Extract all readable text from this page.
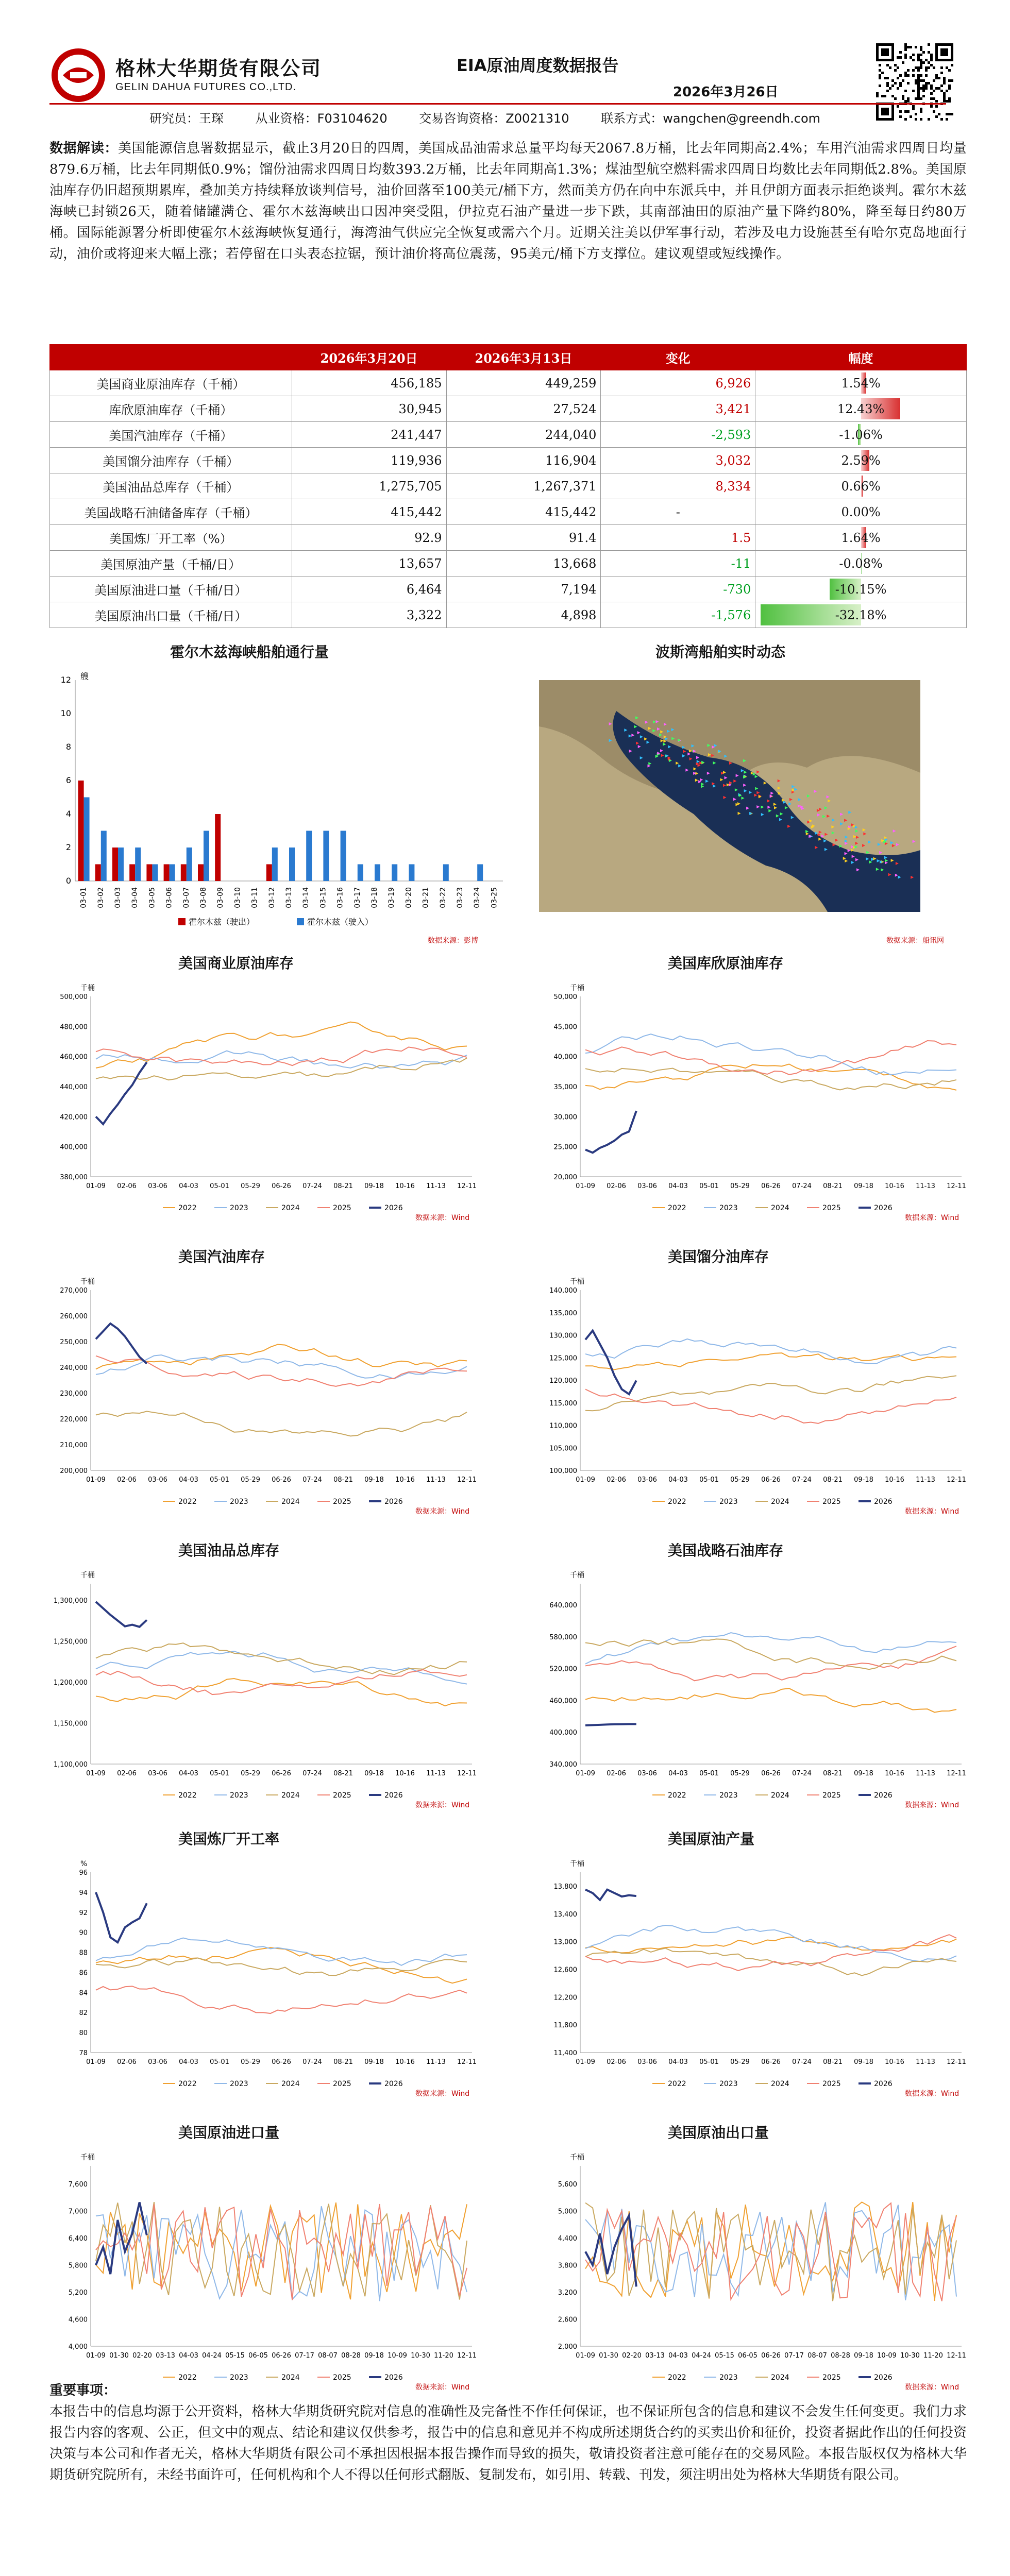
格林大华期货有限公司
GELIN DAHUA FUTURES CO.,LTD.
EIA原油周度数据报告
2026年3月26日
研究员：王琛	从业资格：F03104620	交易咨询资格：Z0021310	联系方式：wangchen@greendh.com
数据解读：美国能源信息署数据显示，截止3月20日的四周，美国成品油需求总量平均每天2067.8万桶，比去年同期高2.4%；车用汽油需求四周日均量879.6万桶，比去年同期低0.9%；馏份油需求四周日均数393.2万桶，比去年同期高1.3%；煤油型航空燃料需求四周日均数比去年同期低2.8%。美国原油库存仍旧超预期累库，叠加美方持续释放谈判信号，油价回落至100美元/桶下方，然而美方仍在向中东派兵中，并且伊朗方面表示拒绝谈判。霍尔木兹海峡已封锁26天，随着储罐满仓、霍尔木兹海峡出口因冲突受阻，伊拉克石油产量进一步下跌，其南部油田的原油产量下降约80%，降至每日约80万桶。国际能源署分析即使霍尔木兹海峡恢复通行，海湾油气供应完全恢复或需六个月。近期关注美以伊军事行动，若涉及电力设施甚至有哈尔克岛地面行动，油价或将迎来大幅上涨；若停留在口头表态拉锯，预计油价将高位震荡，95美元/桶下方支撑位。建议观望或短线操作。
	2026年3月20日	2026年3月13日	变化	幅度
美国商业原油库存（千桶）	456,185	449,259	6,926	1.54%
库欣原油库存（千桶）	30,945	27,524	3,421	12.43%
美国汽油库存（千桶）	241,447	244,040	-2,593	-1.06%
美国馏分油库存（千桶）	119,936	116,904	3,032	2.59%
美国油品总库存（千桶）	1,275,705	1,267,371	8,334	0.66%
美国战略石油储备库存（千桶）	415,442	415,442	-	0.00%
美国炼厂开工率（%）	92.9	91.4	1.5	1.64%
美国原油产量（千桶/日）	13,657	13,668	-11	-0.08%
美国原油进口量（千桶/日）	6,464	7,194	-730	-10.15%
美国原油出口量（千桶/日）	3,322	4,898	-1,576	-32.18%
霍尔木兹海峡船舶通行量
艘
0
2
4
6
8
10
12
03-01 03-02 03-03 03-04 03-05 03-06 03-07 03-08 03-09 03-10 03-11 03-12 03-13 03-14 03-15 03-16 03-17 03-18 03-19 03-20 03-21 03-22 03-23 03-24 03-25
霍尔木兹（驶出）	霍尔木兹（驶入）
数据来源：彭博
波斯湾船舶实时动态
数据来源：船讯网
美国商业原油库存
千桶
380,000
400,000
420,000
440,000
460,000
480,000
500,000
01-09 02-06 03-06 04-03 05-01 05-29 06-26 07-24 08-21 09-18 10-16 11-13 12-11
2022	2023	2024	2025	2026
数据来源：Wind
美国库欣原油库存
千桶
20,000
25,000
30,000
35,000
40,000
45,000
50,000
01-09 02-06 03-06 04-03 05-01 05-29 06-26 07-24 08-21 09-18 10-16 11-13 12-11
2022	2023	2024	2025	2026
数据来源：Wind
美国汽油库存
千桶
200,000
210,000
220,000
230,000
240,000
250,000
260,000
270,000
01-09 02-06 03-06 04-03 05-01 05-29 06-26 07-24 08-21 09-18 10-16 11-13 12-11
2022	2023	2024	2025	2026
数据来源：Wind
美国馏分油库存
千桶
100,000
105,000
110,000
115,000
120,000
125,000
130,000
135,000
140,000
01-09 02-06 03-06 04-03 05-01 05-29 06-26 07-24 08-21 09-18 10-16 11-13 12-11
2022	2023	2024	2025	2026
数据来源：Wind
美国油品总库存
千桶
1,100,000
1,150,000
1,200,000
1,250,000
1,300,000
01-09 02-06 03-06 04-03 05-01 05-29 06-26 07-24 08-21 09-18 10-16 11-13 12-11
2022	2023	2024	2025	2026
数据来源：Wind
美国战略石油库存
千桶
340,000
400,000
460,000
520,000
580,000
640,000
01-09 02-06 03-06 04-03 05-01 05-29 06-26 07-24 08-21 09-18 10-16 11-13 12-11
2022	2023	2024	2025	2026
数据来源：Wind
美国炼厂开工率
%
78
80
82
84
86
88
90
92
94
96
01-09 02-06 03-06 04-03 05-01 05-29 06-26 07-24 08-21 09-18 10-16 11-13 12-11
2022	2023	2024	2025	2026
数据来源：Wind
美国原油产量
千桶
11,400
11,800
12,200
12,600
13,000
13,400
13,800
01-09 02-06 03-06 04-03 05-01 05-29 06-26 07-24 08-21 09-18 10-16 11-13 12-11
2022	2023	2024	2025	2026
数据来源：Wind
美国原油进口量
千桶
4,000
4,600
5,200
5,800
6,400
7,000
7,600
01-09 01-30 02-20 03-13 04-03 04-24 05-15 06-05 06-26 07-17 08-07 08-28 09-18 10-09 10-30 11-20 12-11
2022	2023	2024	2025	2026
数据来源：Wind
美国原油出口量
千桶
2,000
2,600
3,200
3,800
4,400
5,000
5,600
01-09 01-30 02-20 03-13 04-03 04-24 05-15 06-05 06-26 07-17 08-07 08-28 09-18 10-09 10-30 11-20 12-11
2022	2023	2024	2025	2026
数据来源：Wind
重要事项：
本报告中的信息均源于公开资料，格林大华期货研究院对信息的准确性及完备性不作任何保证，也不保证所包含的信息和建议不会发生任何变更。我们力求报告内容的客观、公正，但文中的观点、结论和建议仅供参考，报告中的信息和意见并不构成所述期货合约的买卖出价和征价，投资者据此作出的任何投资决策与本公司和作者无关，格林大华期货有限公司不承担因根据本报告操作而导致的损失，敬请投资者注意可能存在的交易风险。本报告版权仅为格林大华期货研究院所有，未经书面许可，任何机构和个人不得以任何形式翻版、复制发布，如引用、转载、刊发，须注明出处为格林大华期货有限公司。
